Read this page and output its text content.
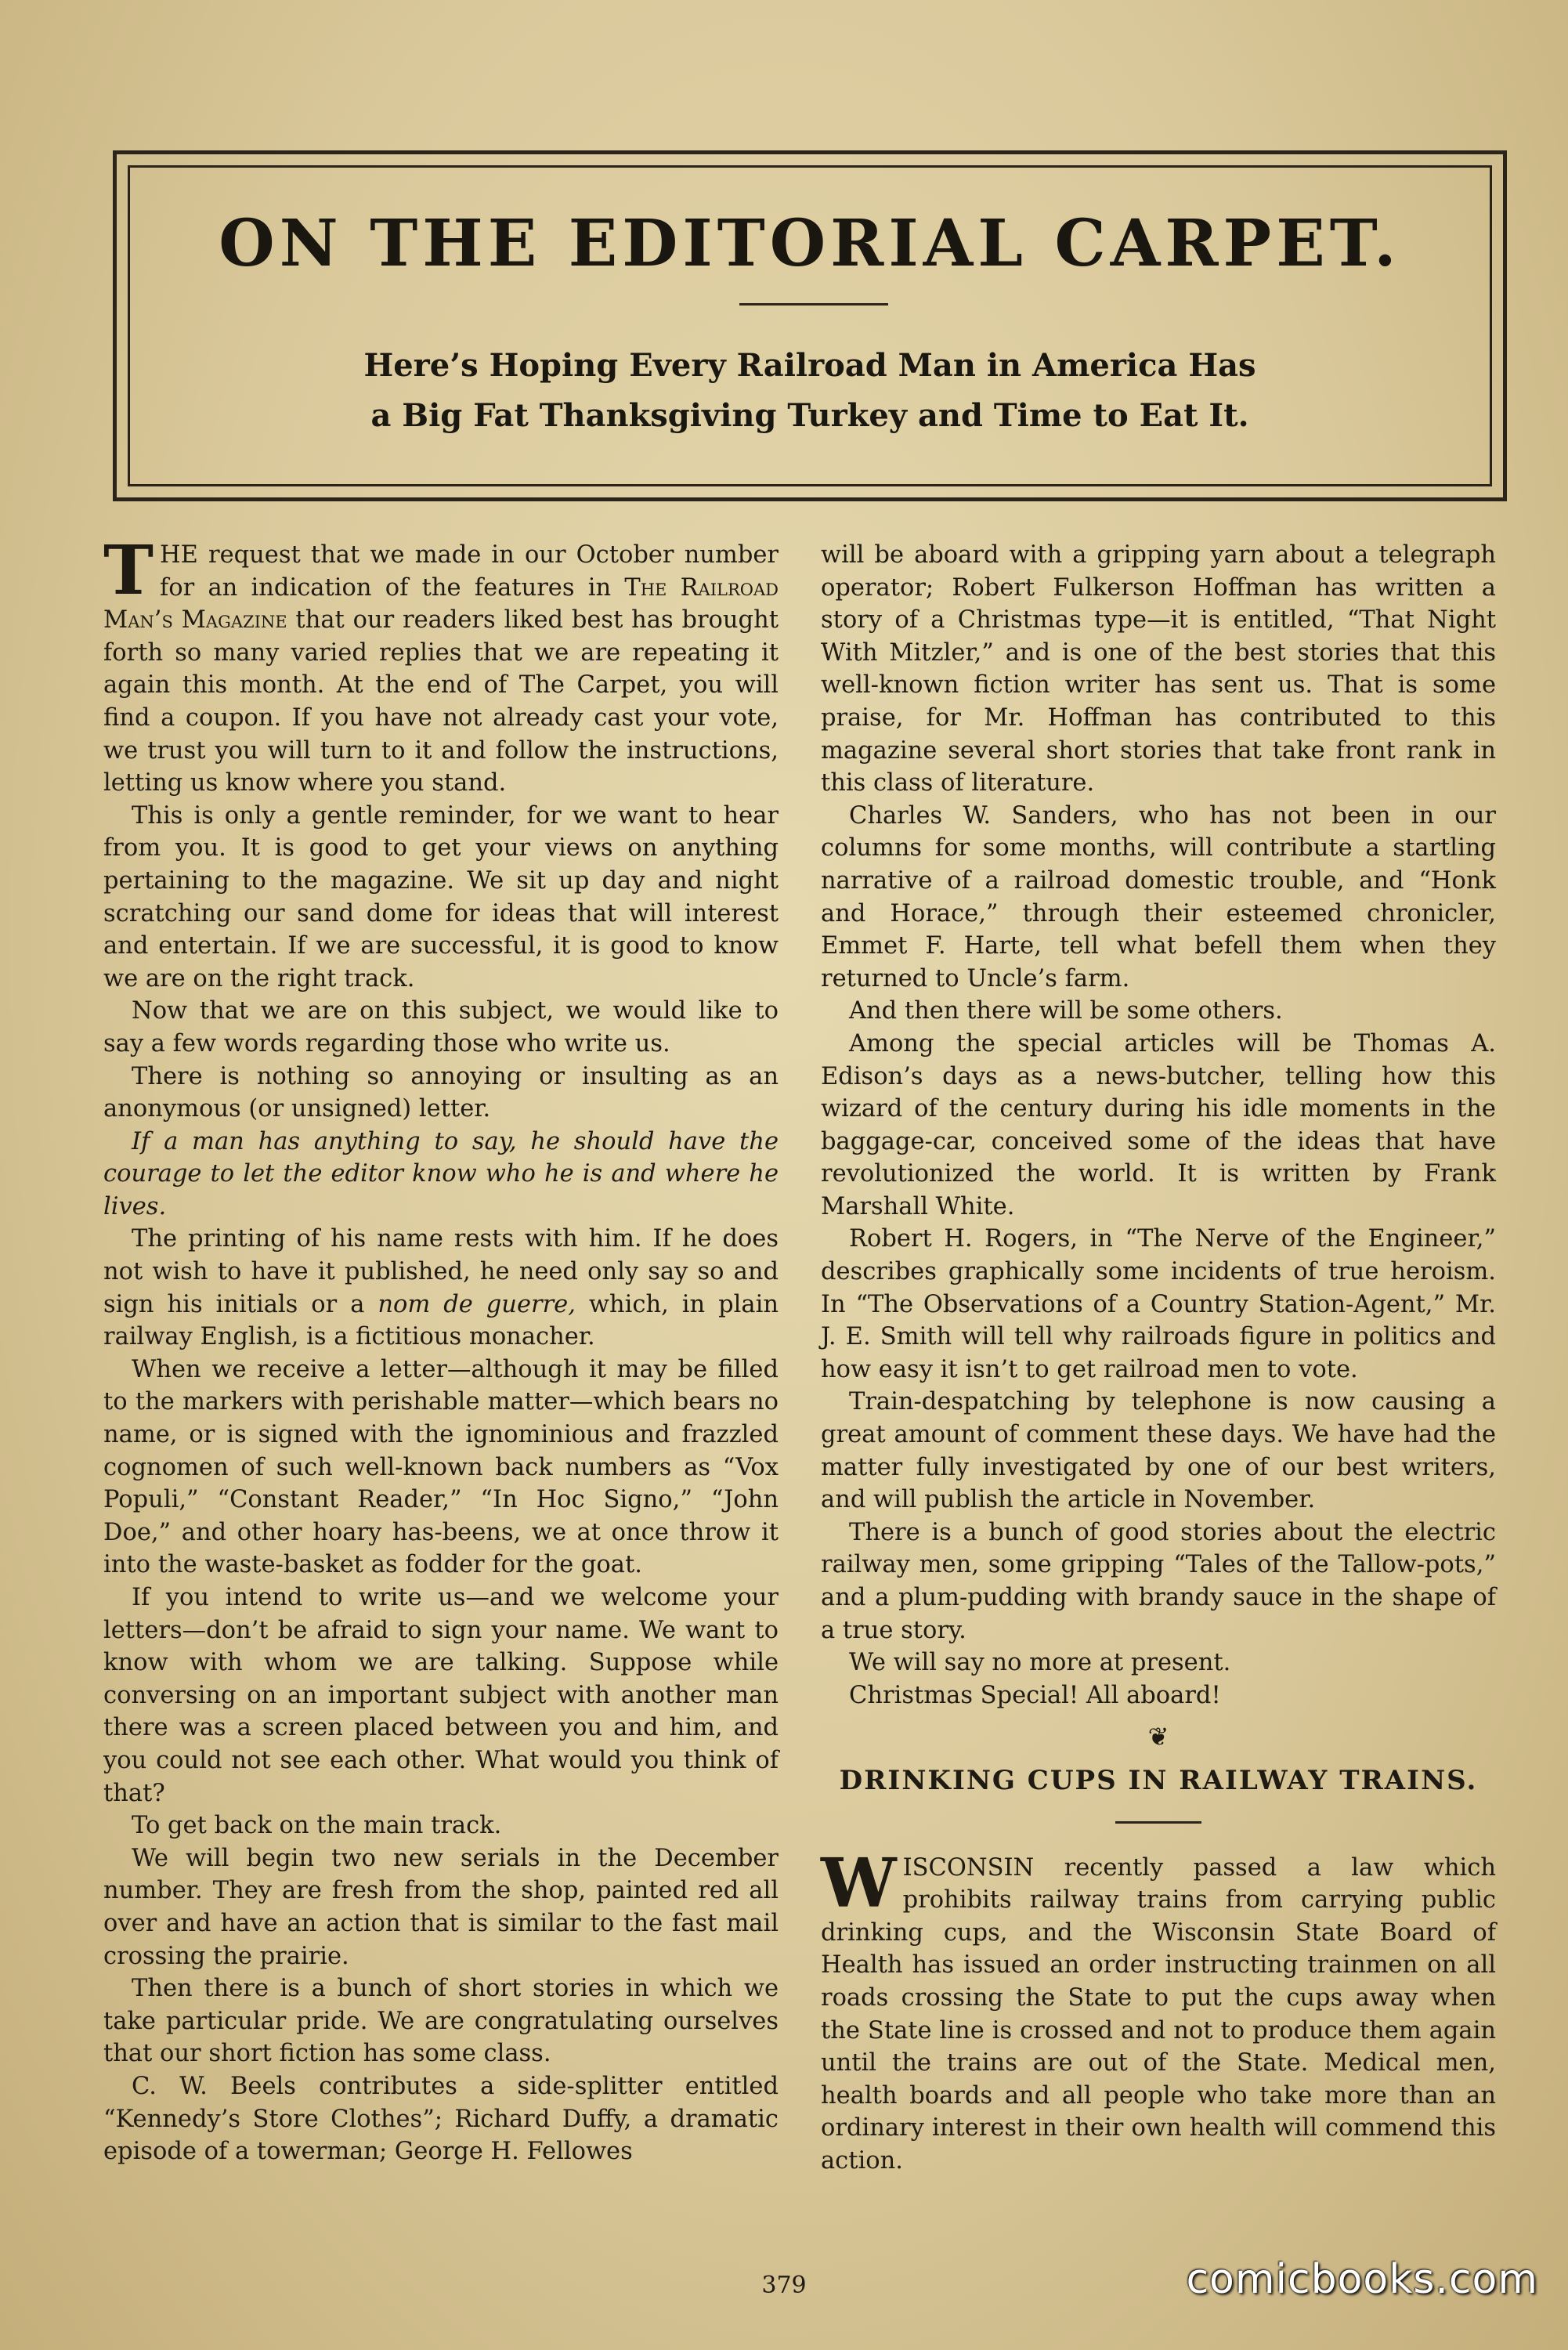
ON THE EDITORIAL CARPET.
Here’s Hoping Every Railroad Man in America Has
a Big Fat Thanksgiving Turkey and Time to Eat It.

THE request that we made in our October number for an indication of the features in The Railroad Man’s Magazine that our readers liked best has brought forth so many varied replies that we are repeating it again this month. At the end of The Carpet, you will find a coupon. If you have not already cast your vote, we trust you will turn to it and follow the instructions, letting us know where you stand.

This is only a gentle reminder, for we want to hear from you. It is good to get your views on anything pertaining to the magazine. We sit up day and night scratching our sand dome for ideas that will interest and entertain. If we are successful, it is good to know we are on the right track.

Now that we are on this subject, we would like to say a few words regarding those who write us.

There is nothing so annoying or insulting as an anonymous (or unsigned) letter.

If a man has anything to say, he should have the courage to let the editor know who he is and where he lives.

The printing of his name rests with him. If he does not wish to have it published, he need only say so and sign his initials or a nom de guerre, which, in plain railway English, is a fictitious monacher.

When we receive a letter—although it may be filled to the markers with perishable matter—which bears no name, or is signed with the ignominious and frazzled cognomen of such well-known back numbers as “Vox Populi,” “Constant Reader,” “In Hoc Signo,” “John Doe,” and other hoary has-beens, we at once throw it into the waste-basket as fodder for the goat.

If you intend to write us—and we welcome your letters—don’t be afraid to sign your name. We want to know with whom we are talking. Suppose while conversing on an important subject with another man there was a screen placed between you and him, and you could not see each other. What would you think of that?

To get back on the main track.

We will begin two new serials in the December number. They are fresh from the shop, painted red all over and have an action that is similar to the fast mail crossing the prairie.

Then there is a bunch of short stories in which we take particular pride. We are congratulating ourselves that our short fiction has some class.

C. W. Beels contributes a side-splitter entitled “Kennedy’s Store Clothes”; Richard Duffy, a dramatic episode of a towerman; George H. Fellowes

will be aboard with a gripping yarn about a telegraph operator; Robert Fulkerson Hoffman has written a story of a Christmas type—it is entitled, “That Night With Mitzler,” and is one of the best stories that this well-known fiction writer has sent us. That is some praise, for Mr. Hoffman has contributed to this magazine several short stories that take front rank in this class of literature.

Charles W. Sanders, who has not been in our columns for some months, will contribute a startling narrative of a railroad domestic trouble, and “Honk and Horace,” through their esteemed chronicler, Emmet F. Harte, tell what befell them when they returned to Uncle’s farm.

And then there will be some others.

Among the special articles will be Thomas A. Edison’s days as a news-butcher, telling how this wizard of the century during his idle moments in the baggage-car, conceived some of the ideas that have revolutionized the world. It is written by Frank Marshall White.

Robert H. Rogers, in “The Nerve of the Engineer,” describes graphically some incidents of true heroism. In “The Observations of a Country Station-Agent,” Mr. J. E. Smith will tell why railroads figure in politics and how easy it isn’t to get railroad men to vote.

Train-despatching by telephone is now causing a great amount of comment these days. We have had the matter fully investigated by one of our best writers, and will publish the article in November.

There is a bunch of good stories about the electric railway men, some gripping “Tales of the Tallow-pots,” and a plum-pudding with brandy sauce in the shape of a true story.

We will say no more at present.

Christmas Special! All aboard!

❦
DRINKING CUPS IN RAILWAY TRAINS.

WISCONSIN recently passed a law which prohibits railway trains from carrying public drinking cups, and the Wisconsin State Board of Health has issued an order instructing trainmen on all roads crossing the State to put the cups away when the State line is crossed and not to produce them again until the trains are out of the State. Medical men, health boards and all people who take more than an ordinary interest in their own health will commend this action.

379	comicbooks.com
